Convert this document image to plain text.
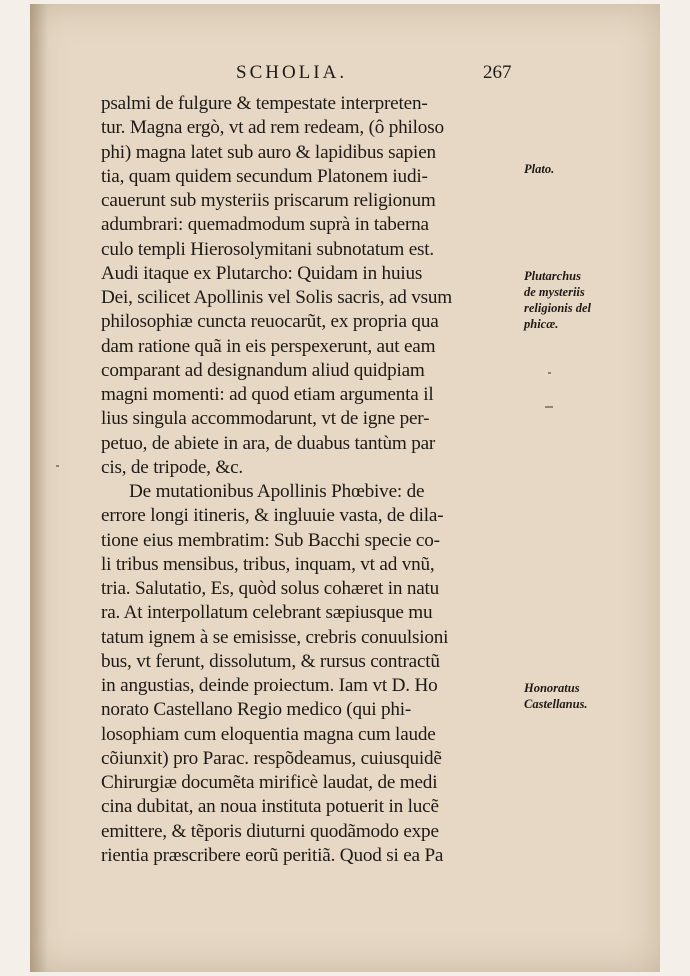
SCHOLIA.	267
psalmi de fulgure & tempestate interpreten-
tur. Magna ergò, vt ad rem redeam, (ô philoso
phi) magna latet sub auro & lapidibus sapien
tia, quam quidem secundum Platonem iudi-
cauerunt sub mysteriis priscarum religionum
adumbrari: quemadmodum suprà in taberna
culo templi Hierosolymitani subnotatum est.
Audi itaque ex Plutarcho: Quidam in huius
Dei, scilicet Apollinis vel Solis sacris, ad vsum
philosophiæ cuncta reuocarũt, ex propria qua
dam ratione quã in eis perspexerunt, aut eam
comparant ad designandum aliud quidpiam
magni momenti: ad quod etiam argumenta il
lius singula accommodarunt, vt de igne per-
petuo, de abiete in ara, de duabus tantùm par
cis, de tripode, &c.
De mutationibus Apollinis Phœbive: de
errore longi itineris, & ingluuie vasta, de dila-
tione eius membratim: Sub Bacchi specie co-
li tribus mensibus, tribus, inquam, vt ad vnũ,
tria. Salutatio, Es, quòd solus cohæret in natu
ra. At interpollatum celebrant sæpiusque mu
tatum ignem à se emisisse, crebris conuulsioni
bus, vt ferunt, dissolutum, & rursus contractũ
in angustias, deinde proiectum. Iam vt D. Ho
norato Castellano Regio medico (qui phi-
losophiam cum eloquentia magna cum laude
cõiunxit) pro Parac. respõdeamus, cuiusquidẽ
Chirurgiæ documẽta mirificè laudat, de medi
cina dubitat, an noua instituta potuerit in lucẽ
emittere, & tẽporis diuturni quodãmodo expe
rientia præscribere eorũ peritiã. Quod si ea Pa
Plato.
Plutarchus
de mysteriis
religionis del
phicæ.
Honoratus
Castellanus.
